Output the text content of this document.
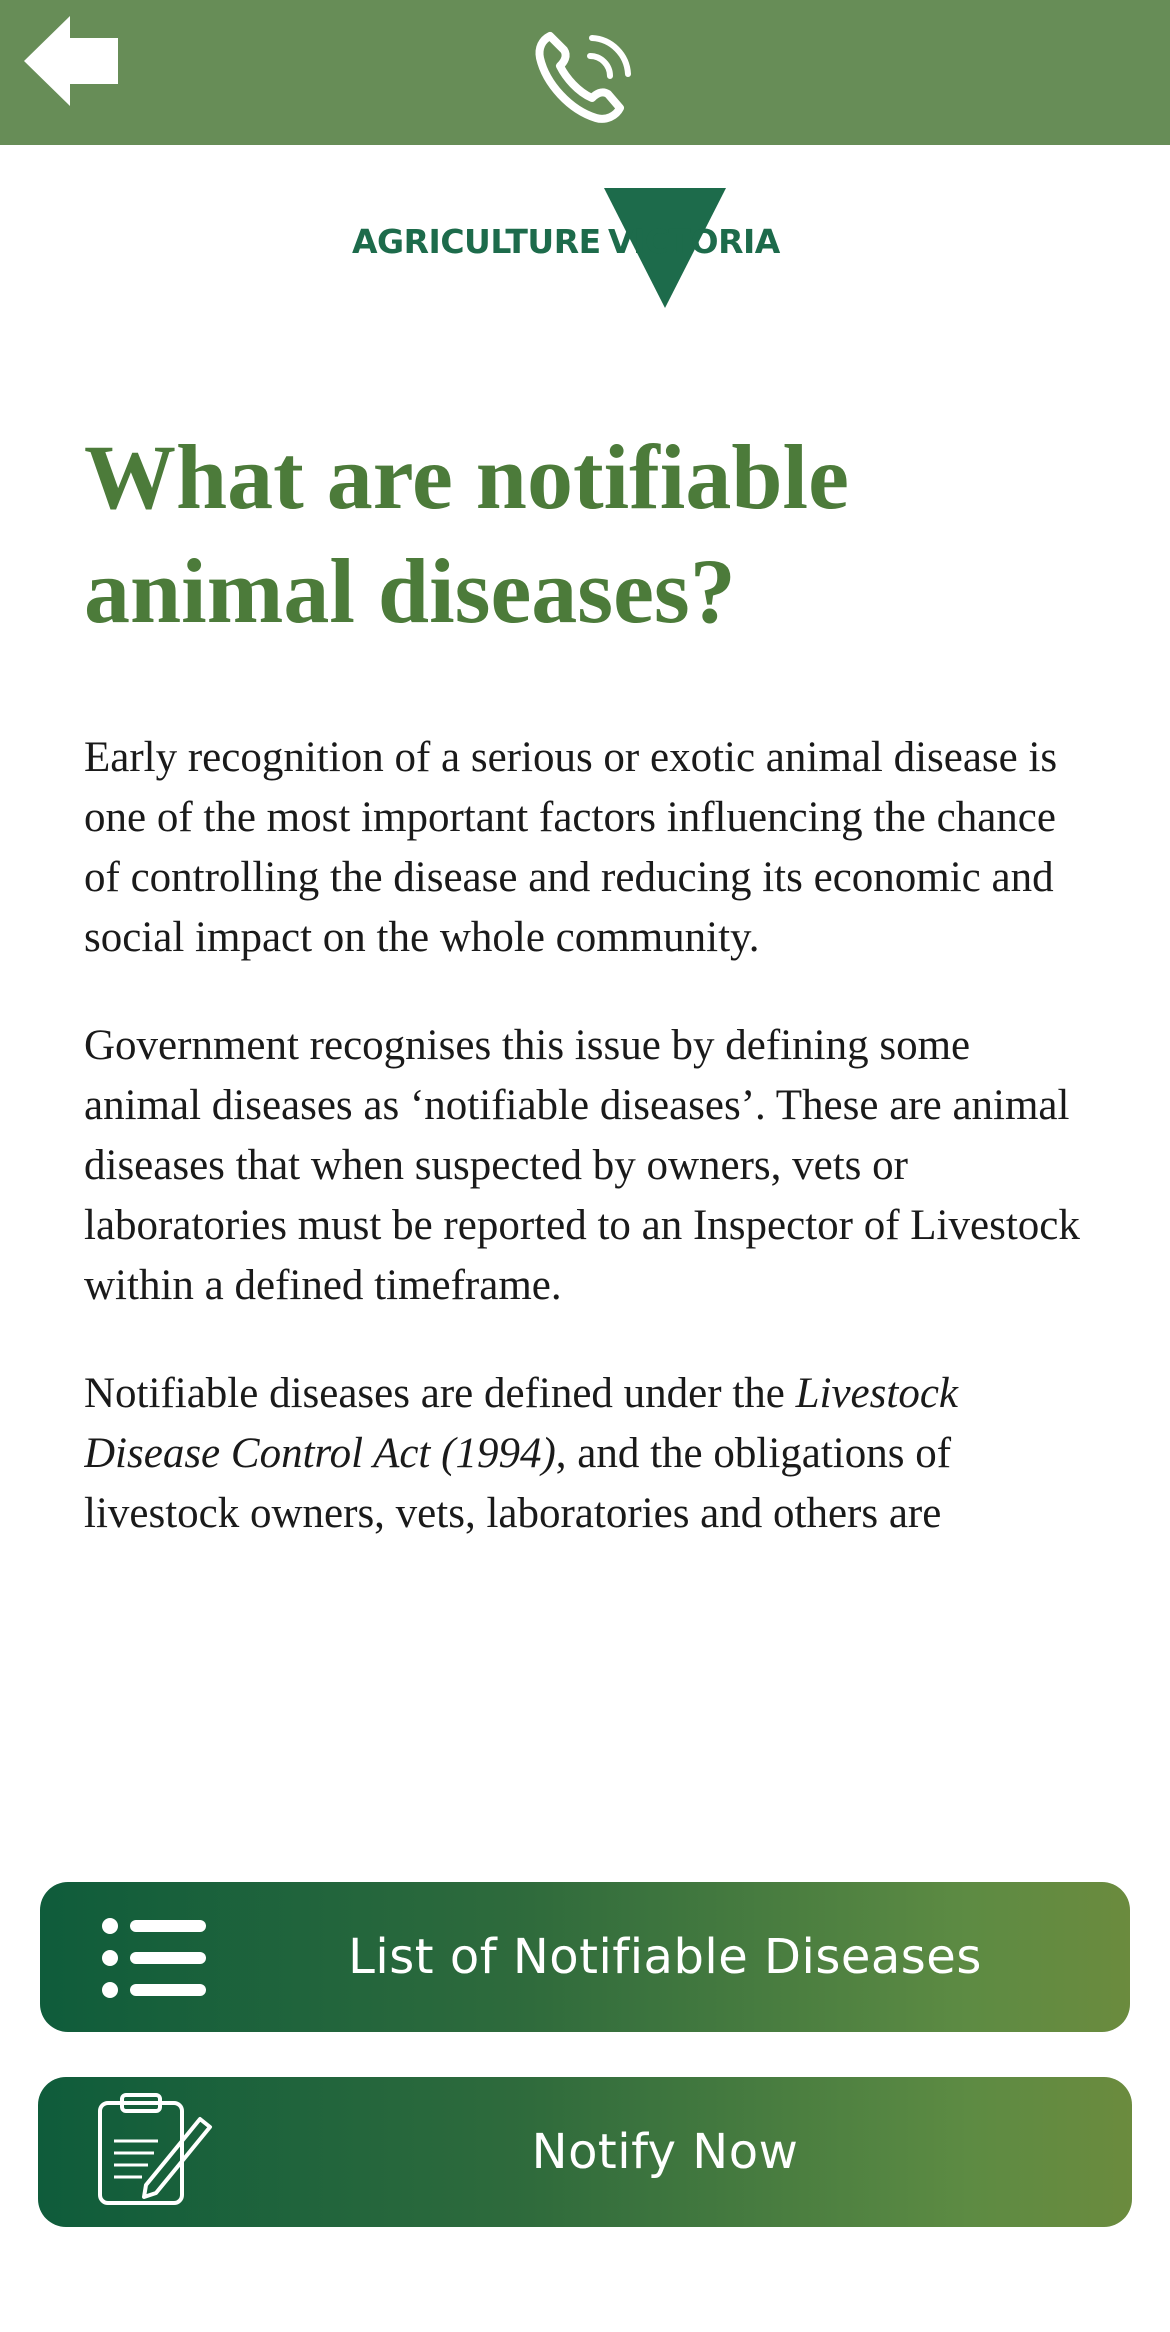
AGRICULTURE VICTORIA
What are notifiable animal diseases?

Early recognition of a serious or exotic animal disease is one of the most important factors influencing the chance of controlling the disease and reducing its economic and social impact on the whole community.

Government recognises this issue by defining some animal diseases as ‘notifiable diseases’. These are animal diseases that when suspected by owners, vets or laboratories must be reported to an Inspector of Livestock within a defined timeframe.

Notifiable diseases are defined under the Livestock Disease Control Act (1994), and the obligations of livestock owners, vets, laboratories and others are

List of Notifiable Diseases
Notify Now
